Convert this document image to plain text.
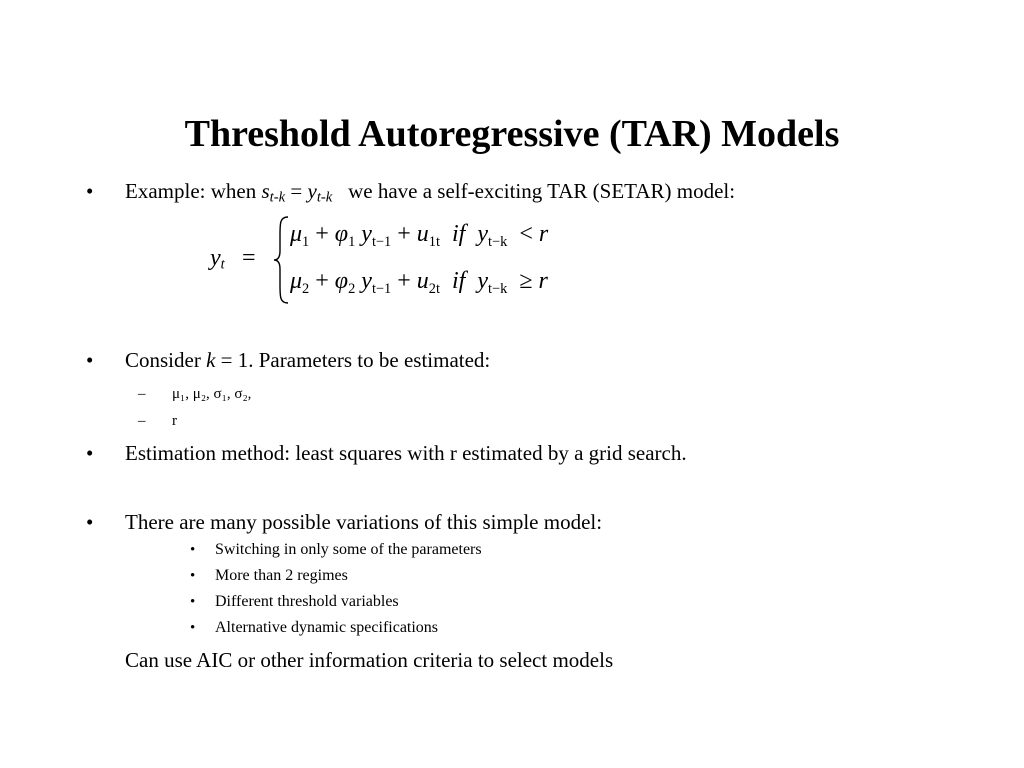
Threshold Autoregressive (TAR) Models
• Example: when $s_{t-k} = y_{t-k}$   we have a self-exciting TAR (SETAR) model:
$y_t$ =
$\mu_1 + \varphi_1$ $y_{t-1} + u_{1t}$  if  $y_{t-k} < r$
$\mu_2 + \varphi_2$ $y_{t-1} + u_{2t}$  if  $y_{t-k} \ge r$
• Consider k = 1. Parameters to be estimated:
– μ₁, μ₂, σ₁, σ₂,
– r
• Estimation method: least squares with r estimated by a grid search.
• There are many possible variations of this simple model:
• Switching in only some of the parameters
• More than 2 regimes
• Different threshold variables
• Alternative dynamic specifications
Can use AIC or other information criteria to select models
